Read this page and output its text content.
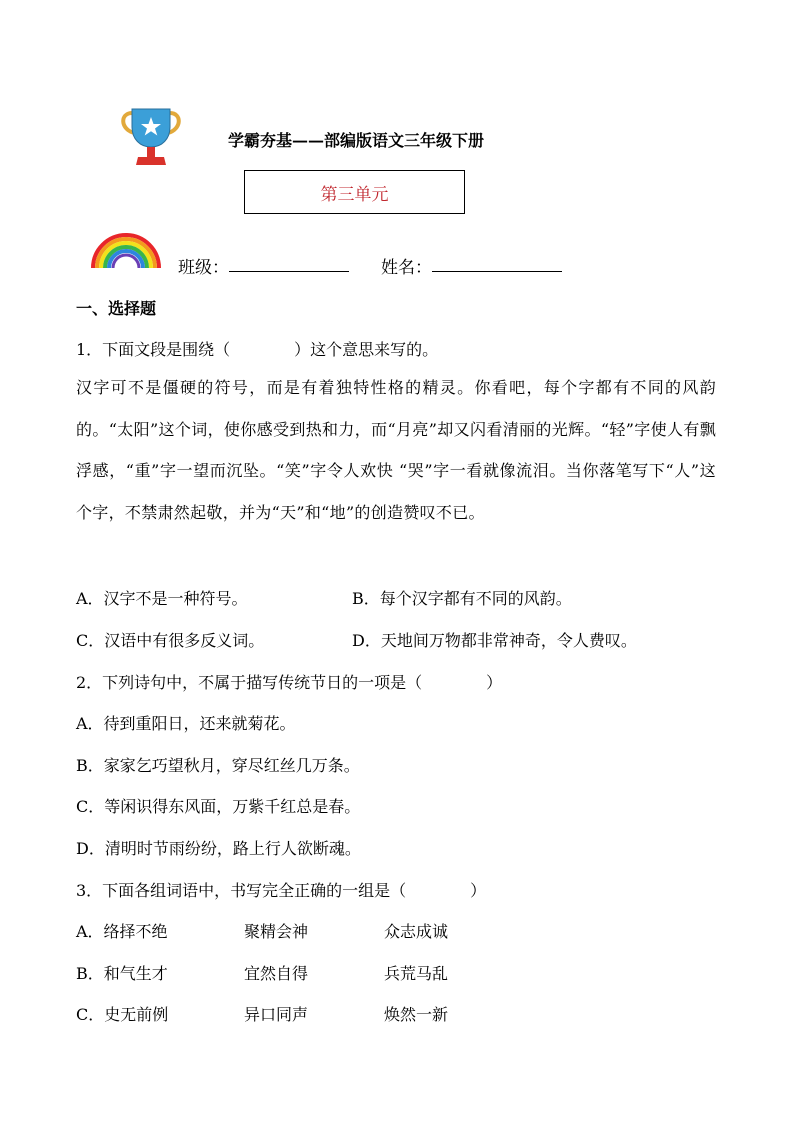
学霸夯基——部编版语文三年级下册
第三单元
班级：	姓名：
一、选择题
1．下面文段是围绕（　　　　）这个意思来写的。
汉字可不是僵硬的符号，而是有着独特性格的精灵。你看吧，每个字都有不同的风韵的。“太阳”这个词，使你感受到热和力，而“月亮”却又闪看清丽的光辉。“轻”字使人有飘浮感，“重”字一望而沉坠。“笑”字令人欢快 “哭”字一看就像流泪。当你落笔写下“人”这个字，不禁肃然起敬，并为“天”和“地”的创造赞叹不已。
A．汉字不是一种符号。	B．每个汉字都有不同的风韵。
C．汉语中有很多反义词。	D．天地间万物都非常神奇，令人费叹。
2．下列诗句中，不属于描写传统节日的一项是（　　　　）
A．待到重阳日，还来就菊花。
B．家家乞巧望秋月，穿尽红丝几万条。
C．等闲识得东风面，万紫千红总是春。
D．清明时节雨纷纷，路上行人欲断魂。
3．下面各组词语中，书写完全正确的一组是（　　　　）
A．络择不绝	聚精会神	众志成诚
B．和气生才	宜然自得	兵荒马乱
C．史无前例	异口同声	焕然一新
